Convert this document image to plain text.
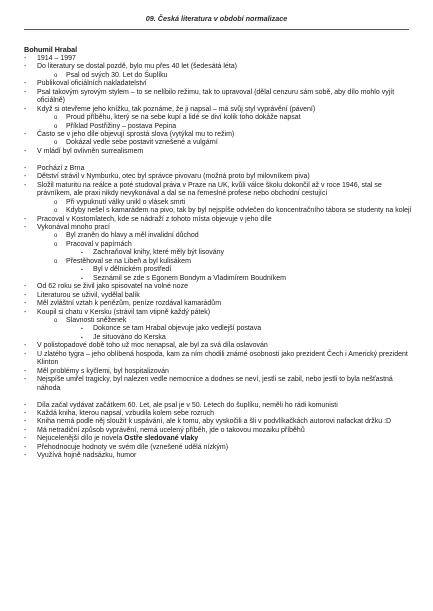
09. Česká literatura v období normalizace
Bohumil Hrabal
- 1914 – 1997
- Do literatury se dostal pozdě, bylo mu přes 40 let (šedesátá léta)
o Psal od svých 30. Let do Šuplíku
- Publikoval oficiálních nakladatelství
- Psal takovým syrovým stylem – to se nelíbilo režimu, tak to upravoval (dělal cenzuru sám sobě, aby dílo mohlo vyjít oficiálně)
- Když si otevřeme jeho knížku, tak poznáme, že ji napsal – má svůj styl vyprávění (pávení)
o Proud příběhu, který se na sebe kupí a lidé se diví kolik toho dokáže napsat
o Příklad Postřižiny – postava Pepina
- Často se v jeho díle objevují sprostá slova (vytýkal mu to režim)
o Dokázal vedle sebe postavit vznešené a vulgární
- V mládí byl ovlivněn surrealismem
- Pochází z Brna
- Dětství strávil v Nymburku, otec byl správce pivovaru (možná proto byl milovníkem piva)
- Složil maturitu na reálce a poté studoval práva v Praze na UK, kvůli válce školu dokončil až v roce 1946, stal se právníkem, ale praxi nikdy nevykonával a dal se na řemeslné profese nebo obchodní cestující
o Při vypuknutí války unikl o vlásek smrti
o Kdyby nešel s kamarádem na pivo, tak by byl nejspíše odvlečen do koncentračního tábora se studenty na kolejí
- Pracoval v Kostomlatech, kde se nádraží z tohoto místa objevuje v jeho díle
- Vykonával mnoho prací
o Byl zraněn do hlavy a měl invalidní důchod
o Pracoval v papírnách
▪ Zachraňoval knihy, které měly být lisovány
o Přestěhoval se na Libeň a byl kulisákem
▪ Byl v dělnickém prostředí
▪ Seznámil se zde s Egonem Bondym a Vladimírem Boudníkem
- Od 62 roku se živil jako spisovatel na volné noze
- Literaturou se uživil, vydělal balík
- Měl zvláštní vztah k penězům, peníze rozdával kamarádům
- Koupil si chatu v Kersku (strávil tam vtipně každý pátek)
o Slavnosti sněženek
▪ Dokonce se tam Hrabal objevuje jako vedlejší postava
▪ Je situováno do Kerska
- V polistopadové době toho už moc nenapsal, ale byl za svá díla oslavován
- U zlatého tygra – jeho oblíbená hospoda, kam za ním chodili známé osobnosti jako prezident Čech i Americký prezident Klinton
- Měl problémy s kyčlemi, byl hospitalizován
- Nejspíše umřel tragicky, byl nalezen vedle nemocnice a dodnes se neví, jestli se zabil, nebo jestli to byla nešťastná náhoda
- Díla začal vydávat začátkem 60. Let, ale psal je v 50. Letech do šuplíku, neměli ho rádi komunisti
- Každá kniha, kterou napsal, vzbudila kolem sebe rozruch
- Kniha nemá podle něj sloužit k uspávání, ale k tomu, aby vyskočili a šli v podvlíkačkách autorovi nafackat držku :D
- Má netradiční způsob vyprávění, nemá ucelený příběh, jde o takovou mozaiku příběhů
- Nejucelenější dílo je novela Ostře sledované vlaky
- Přehodnocuje hodnoty ve svém díle (vznešené udělá nízkým)
- Využívá hojně nadsázku, humor
